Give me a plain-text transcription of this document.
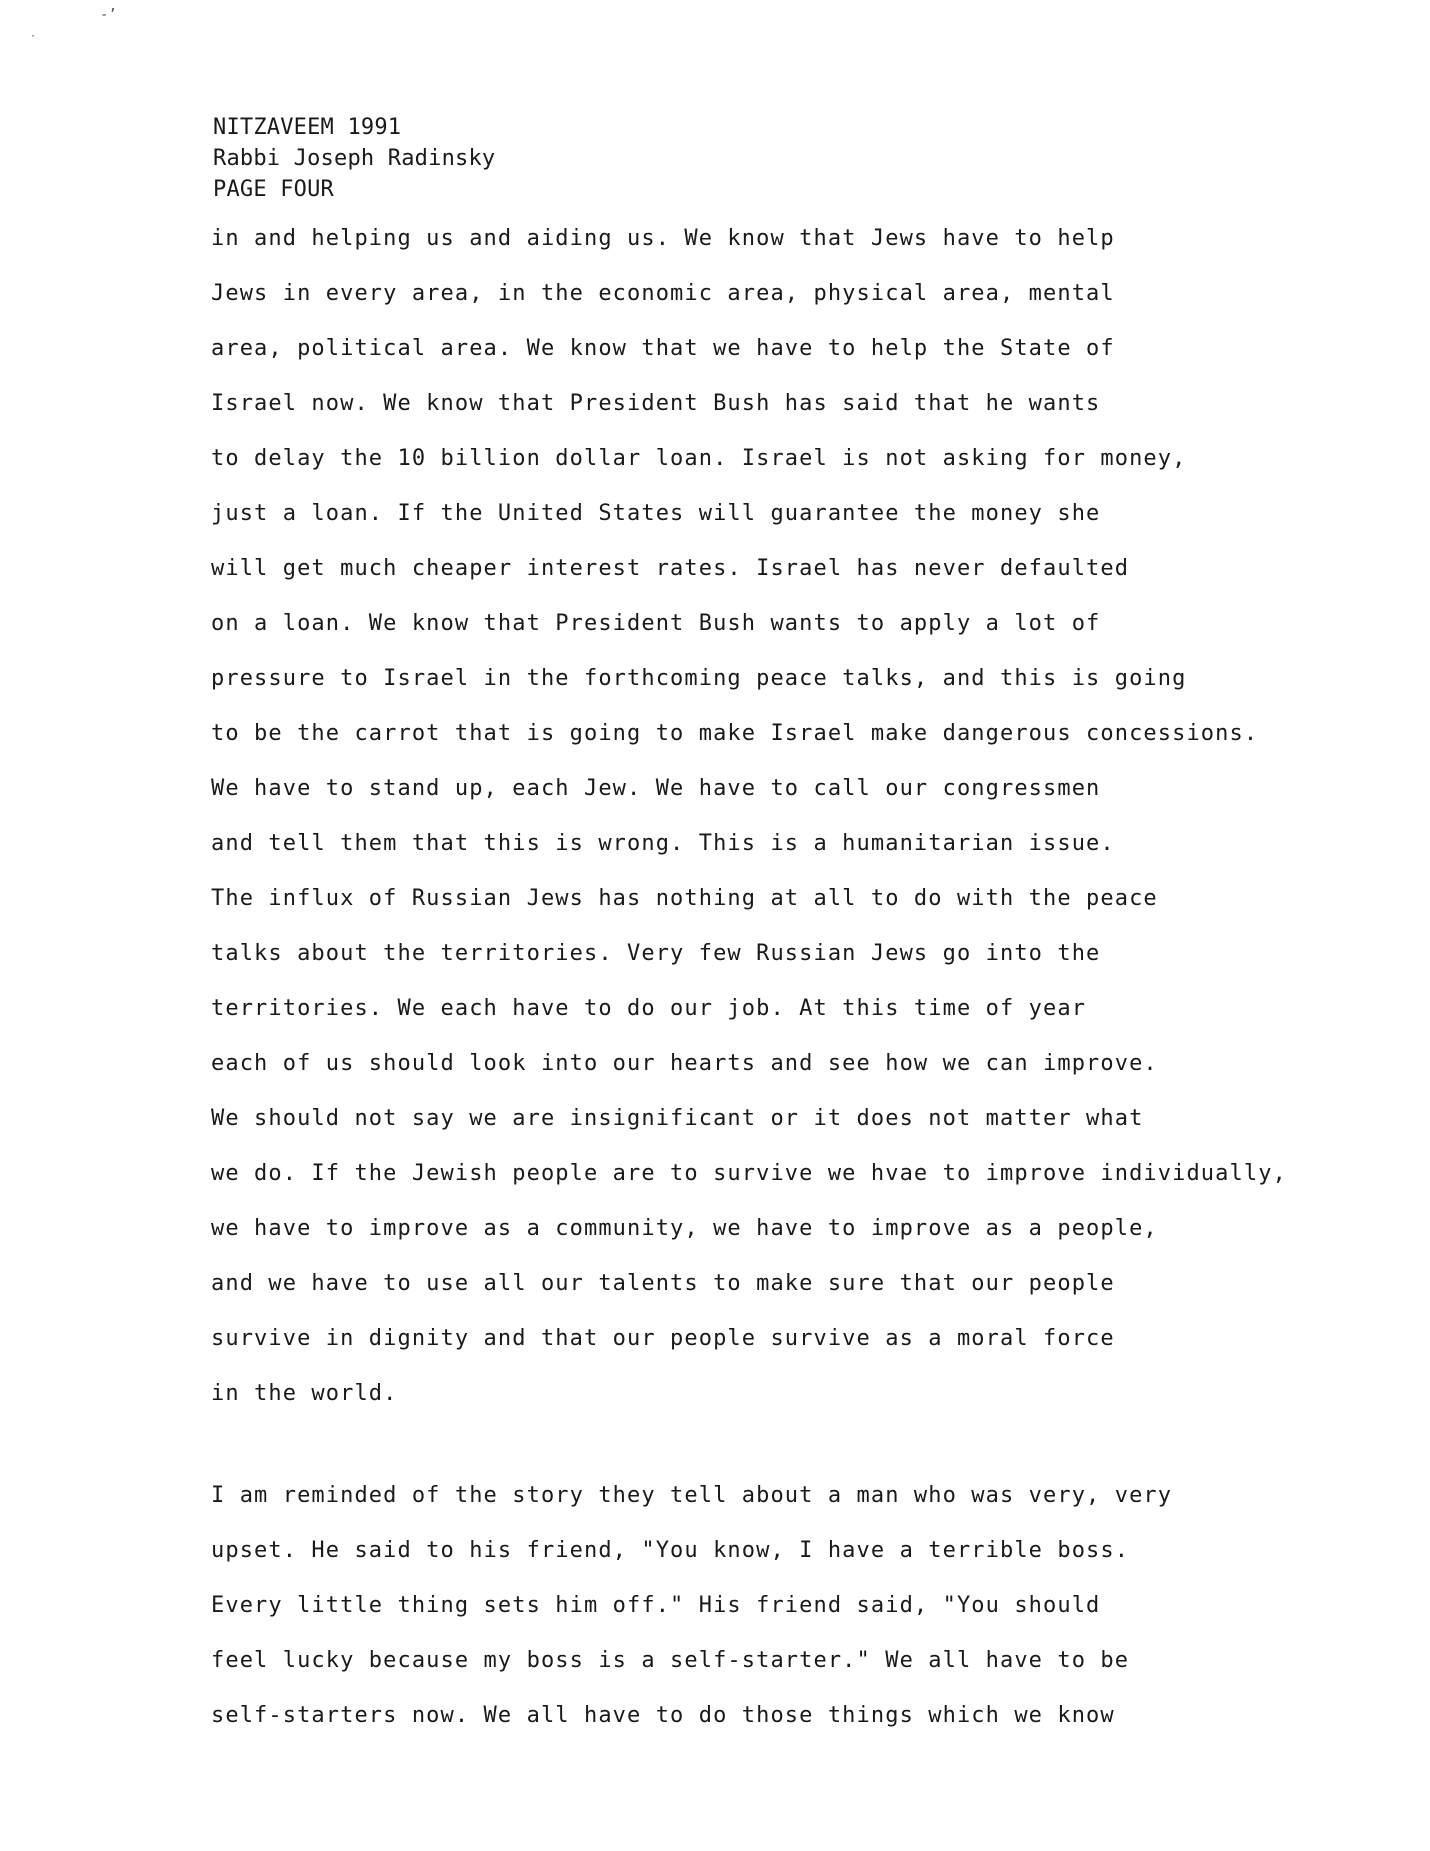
-’
·
NITZAVEEM 1991
Rabbi Joseph Radinsky
PAGE FOUR
in and helping us and aiding us. We know that Jews have to help
Jews in every area, in the economic area, physical area, mental
area, political area. We know that we have to help the State of
Israel now. We know that President Bush has said that he wants
to delay the 10 billion dollar loan. Israel is not asking for money,
just a loan. If the United States will guarantee the money she
will get much cheaper interest rates. Israel has never defaulted
on a loan. We know that President Bush wants to apply a lot of
pressure to Israel in the forthcoming peace talks, and this is going
to be the carrot that is going to make Israel make dangerous concessions.
We have to stand up, each Jew. We have to call our congressmen
and tell them that this is wrong. This is a humanitarian issue.
The influx of Russian Jews has nothing at all to do with the peace
talks about the territories. Very few Russian Jews go into the
territories. We each have to do our job. At this time of year
each of us should look into our hearts and see how we can improve.
We should not say we are insignificant or it does not matter what
we do. If the Jewish people are to survive we hvae to improve individually,
we have to improve as a community, we have to improve as a people,
and we have to use all our talents to make sure that our people
survive in dignity and that our people survive as a moral force
in the world.
I am reminded of the story they tell about a man who was very, very
upset. He said to his friend, "You know, I have a terrible boss.
Every little thing sets him off." His friend said, "You should
feel lucky because my boss is a self-starter." We all have to be
self-starters now. We all have to do those things which we know
